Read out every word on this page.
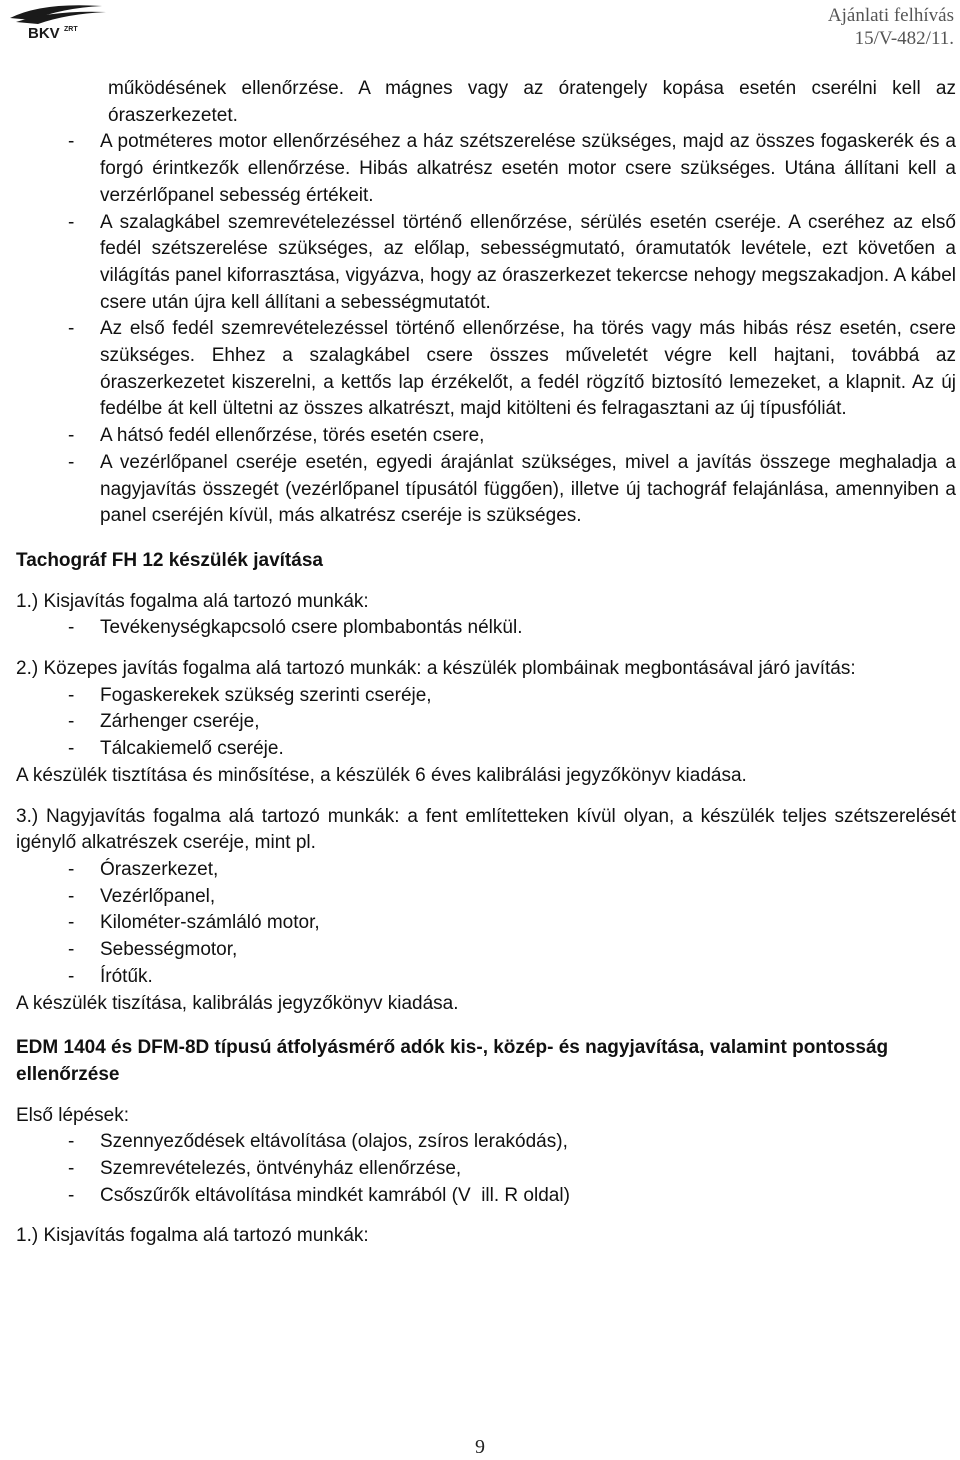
BKV ZRT
Ajánlati felhívás
15/V-482/11.

működésének ellenőrzése. A mágnes vagy az óratengely kopása esetén cserélni kell az óraszerkezetet.

-	A potméteres motor ellenőrzéséhez a ház szétszerelése szükséges, majd az összes fogaskerék és a forgó érintkezők ellenőrzése. Hibás alkatrész esetén motor csere szükséges. Utána állítani kell a verzérlőpanel sebesség értékeit.
-	A szalagkábel szemrevételezéssel történő ellenőrzése, sérülés esetén cseréje. A cseréhez az első fedél szétszerelése szükséges, az előlap, sebességmutató, óramutatók levétele, ezt követően a világítás panel kiforrasztása, vigyázva, hogy az óraszerkezet tekercse nehogy megszakadjon. A kábel csere után újra kell állítani a sebességmutatót.
-	Az első fedél szemrevételezéssel történő ellenőrzése, ha törés vagy más hibás rész esetén, csere szükséges. Ehhez a szalagkábel csere összes műveletét végre kell hajtani, továbbá az óraszerkezetet kiszerelni, a kettős lap érzékelőt, a fedél rögzítő biztosító lemezeket, a klapnit. Az új fedélbe át kell ültetni az összes alkatrészt, majd kitölteni és felragasztani az új típusfóliát.
-	A hátsó fedél ellenőrzése, törés esetén csere,
-	A vezérlőpanel cseréje esetén, egyedi árajánlat szükséges, mivel a javítás összege meghaladja a nagyjavítás összegét (vezérlőpanel típusától függően), illetve új tachográf felajánlása, amennyiben a panel cseréjén kívül, más alkatrész cseréje is szükséges.

Tachográf FH 12 készülék javítása

1.) Kisjavítás fogalma alá tartozó munkák:

-	Tevékenységkapcsoló csere plombabontás nélkül.

2.) Közepes javítás fogalma alá tartozó munkák: a készülék plombáinak megbontásával járó javítás:

-	Fogaskerekek szükség szerinti cseréje,
-	Zárhenger cseréje,
-	Tálcakiemelő cseréje.

A készülék tisztítása és minősítése, a készülék 6 éves kalibrálási jegyzőkönyv kiadása.

3.) Nagyjavítás fogalma alá tartozó munkák: a fent említetteken kívül olyan, a készülék teljes szétszerelését igénylő alkatrészek cseréje, mint pl.

-	Óraszerkezet,
-	Vezérlőpanel,
-	Kilométer-számláló motor,
-	Sebességmotor,
-	Írótűk.

A készülék tiszítása, kalibrálás jegyzőkönyv kiadása.

EDM 1404 és DFM-8D típusú átfolyásmérő adók kis-, közép- és nagyjavítása, valamint pontosság ellenőrzése

Első lépések:

-	Szennyeződések eltávolítása (olajos, zsíros lerakódás),
-	Szemrevételezés, öntvényház ellenőrzése,
-	Csőszűrők eltávolítása mindkét kamrából (V  ill. R oldal)

1.) Kisjavítás fogalma alá tartozó munkák:

9
